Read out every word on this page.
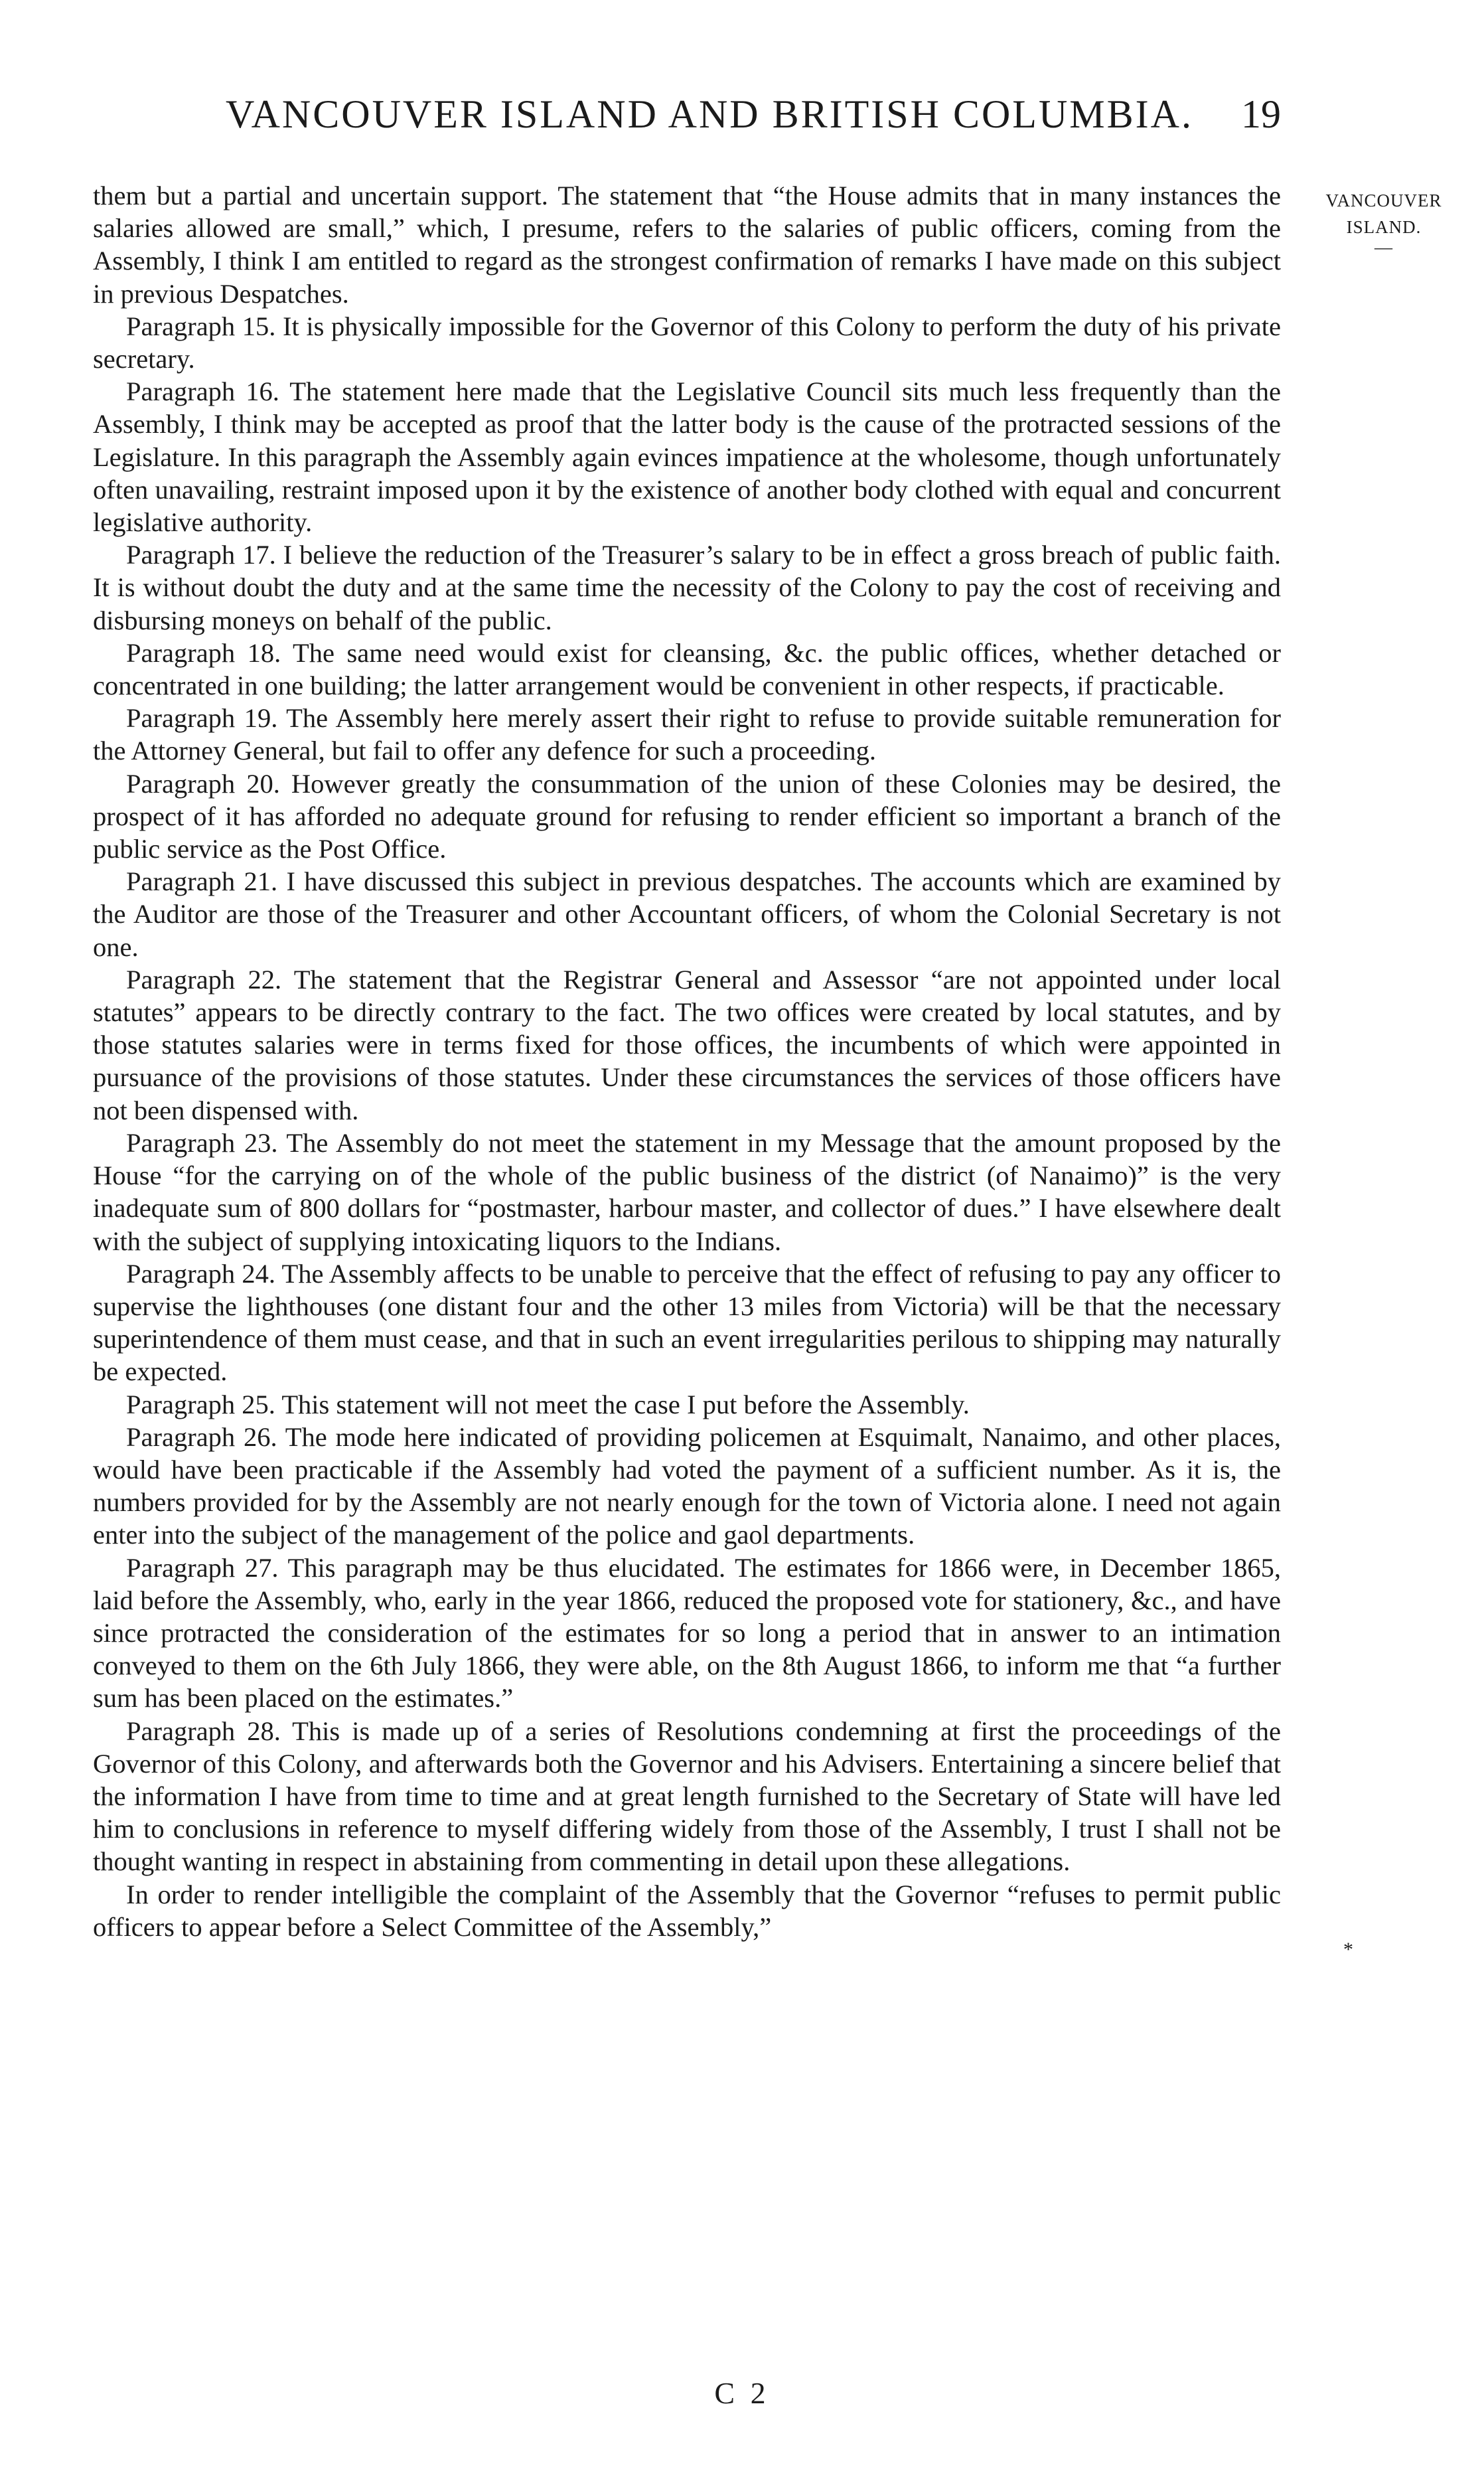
VANCOUVER ISLAND AND BRITISH COLUMBIA. 19
VANCOUVER
ISLAND.
—

them but a partial and uncertain support. The statement that “the House admits that in many instances the salaries allowed are small,” which, I presume, refers to the salaries of public officers, coming from the Assembly, I think I am entitled to regard as the strongest confirmation of remarks I have made on this subject in previous Despatches.

Paragraph 15. It is physically impossible for the Governor of this Colony to perform the duty of his private secretary.

Paragraph 16. The statement here made that the Legislative Council sits much less frequently than the Assembly, I think may be accepted as proof that the latter body is the cause of the protracted sessions of the Legislature. In this paragraph the Assembly again evinces impatience at the wholesome, though unfortunately often unavailing, restraint imposed upon it by the existence of another body clothed with equal and concurrent legislative authority.

Paragraph 17. I believe the reduction of the Treasurer’s salary to be in effect a gross breach of public faith. It is without doubt the duty and at the same time the necessity of the Colony to pay the cost of receiving and disbursing moneys on behalf of the public.

Paragraph 18. The same need would exist for cleansing, &c. the public offices, whether detached or concentrated in one building; the latter arrangement would be convenient in other respects, if practicable.

Paragraph 19. The Assembly here merely assert their right to refuse to provide suitable remuneration for the Attorney General, but fail to offer any defence for such a proceeding.

Paragraph 20. However greatly the consummation of the union of these Colonies may be desired, the prospect of it has afforded no adequate ground for refusing to render efficient so important a branch of the public service as the Post Office.

Paragraph 21. I have discussed this subject in previous despatches. The accounts which are examined by the Auditor are those of the Treasurer and other Accountant officers, of whom the Colonial Secretary is not one.

Paragraph 22. The statement that the Registrar General and Assessor “are not appointed under local statutes” appears to be directly contrary to the fact. The two offices were created by local statutes, and by those statutes salaries were in terms fixed for those offices, the incumbents of which were appointed in pursuance of the provisions of those statutes. Under these circumstances the services of those officers have not been dispensed with.

Paragraph 23. The Assembly do not meet the statement in my Message that the amount proposed by the House “for the carrying on of the whole of the public business of the district (of Nanaimo)” is the very inadequate sum of 800 dollars for “postmaster, harbour master, and collector of dues.” I have elsewhere dealt with the subject of supplying intoxicating liquors to the Indians.

Paragraph 24. The Assembly affects to be unable to perceive that the effect of refusing to pay any officer to supervise the lighthouses (one distant four and the other 13 miles from Victoria) will be that the necessary superintendence of them must cease, and that in such an event irregularities perilous to shipping may naturally be expected.

Paragraph 25. This statement will not meet the case I put before the Assembly.

Paragraph 26. The mode here indicated of providing policemen at Esquimalt, Nanaimo, and other places, would have been practicable if the Assembly had voted the payment of a sufficient number. As it is, the numbers provided for by the Assembly are not nearly enough for the town of Victoria alone. I need not again enter into the subject of the management of the police and gaol departments.

Paragraph 27. This paragraph may be thus elucidated. The estimates for 1866 were, in December 1865, laid before the Assembly, who, early in the year 1866, reduced the proposed vote for stationery, &c., and have since protracted the consideration of the estimates for so long a period that in answer to an intimation conveyed to them on the 6th July 1866, they were able, on the 8th August 1866, to inform me that “a further sum has been placed on the estimates.”

Paragraph 28. This is made up of a series of Resolutions condemning at first the proceedings of the Governor of this Colony, and afterwards both the Governor and his Advisers. Entertaining a sincere belief that the information I have from time to time and at great length furnished to the Secretary of State will have led him to conclusions in reference to myself differing widely from those of the Assembly, I trust I shall not be thought wanting in respect in abstaining from commenting in detail upon these allegations.

In order to render intelligible the complaint of the Assembly that the Governor “refuses to permit public officers to appear before a Select Committee of the Assembly,”

*
C 2
